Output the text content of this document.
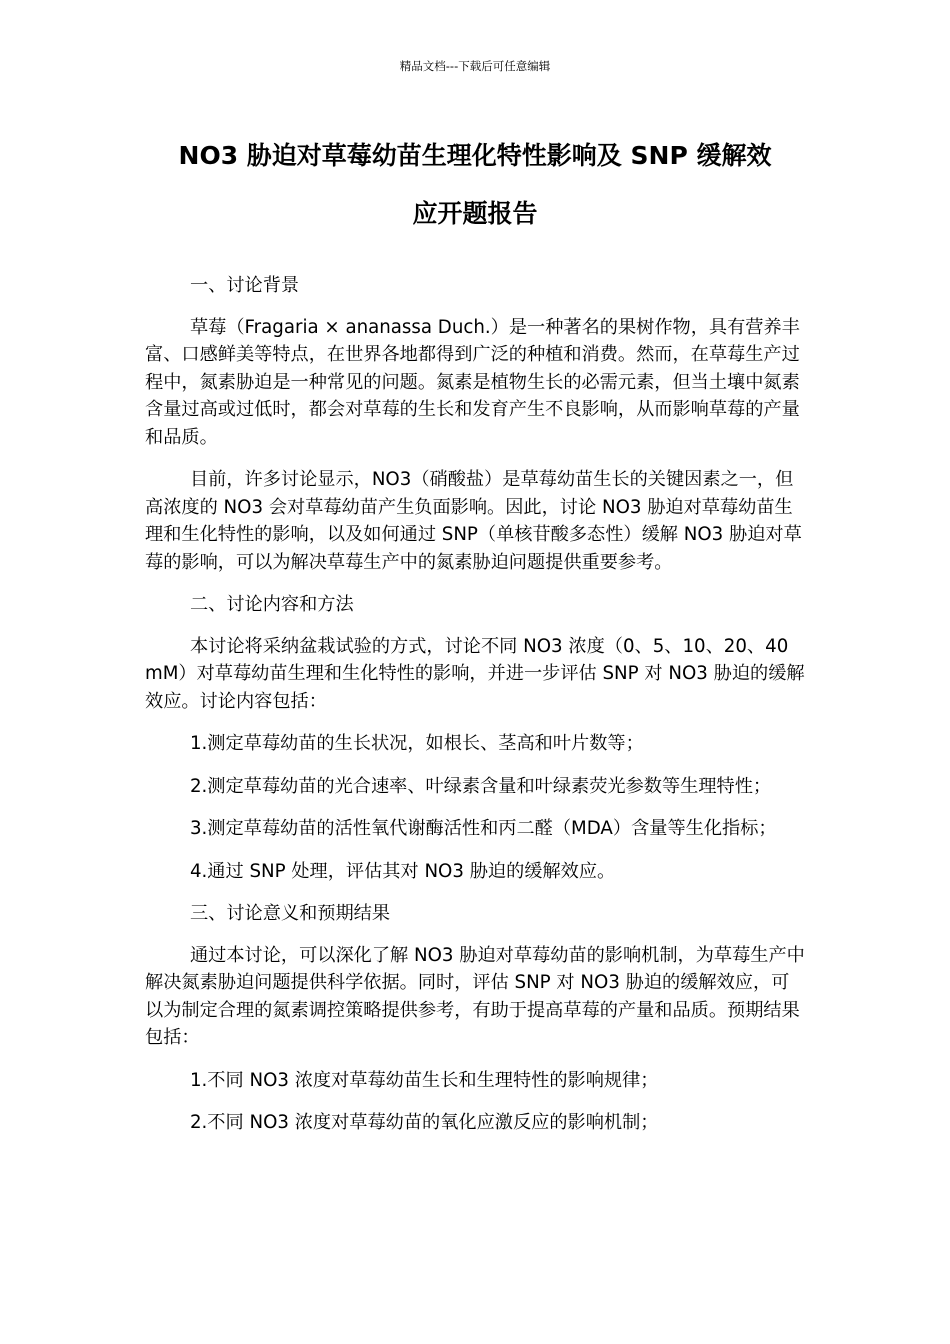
精品文档---下载后可任意编辑
NO3 胁迫对草莓幼苗生理化特性影响及 SNP 缓解效
应开题报告

一、讨论背景

草莓（Fragaria × ananassa Duch.）是一种著名的果树作物，具有营养丰富、口感鲜美等特点，在世界各地都得到广泛的种植和消费。然而，在草莓生产过程中，氮素胁迫是一种常见的问题。氮素是植物生长的必需元素，但当土壤中氮素含量过高或过低时，都会对草莓的生长和发育产生不良影响，从而影响草莓的产量和品质。

目前，许多讨论显示，NO3（硝酸盐）是草莓幼苗生长的关键因素之一，但高浓度的 NO3 会对草莓幼苗产生负面影响。因此，讨论 NO3 胁迫对草莓幼苗生理和生化特性的影响，以及如何通过 SNP（单核苷酸多态性）缓解 NO3 胁迫对草莓的影响，可以为解决草莓生产中的氮素胁迫问题提供重要参考。

二、讨论内容和方法

本讨论将采纳盆栽试验的方式，讨论不同 NO3 浓度（0、5、10、20、40 mM）对草莓幼苗生理和生化特性的影响，并进一步评估 SNP 对 NO3 胁迫的缓解效应。讨论内容包括：

1.测定草莓幼苗的生长状况，如根长、茎高和叶片数等；

2.测定草莓幼苗的光合速率、叶绿素含量和叶绿素荧光参数等生理特性；

3.测定草莓幼苗的活性氧代谢酶活性和丙二醛（MDA）含量等生化指标；

4.通过 SNP 处理，评估其对 NO3 胁迫的缓解效应。

三、讨论意义和预期结果

通过本讨论，可以深化了解 NO3 胁迫对草莓幼苗的影响机制，为草莓生产中解决氮素胁迫问题提供科学依据。同时，评估 SNP 对 NO3 胁迫的缓解效应，可以为制定合理的氮素调控策略提供参考，有助于提高草莓的产量和品质。预期结果包括：

1.不同 NO3 浓度对草莓幼苗生长和生理特性的影响规律；

2.不同 NO3 浓度对草莓幼苗的氧化应激反应的影响机制；
